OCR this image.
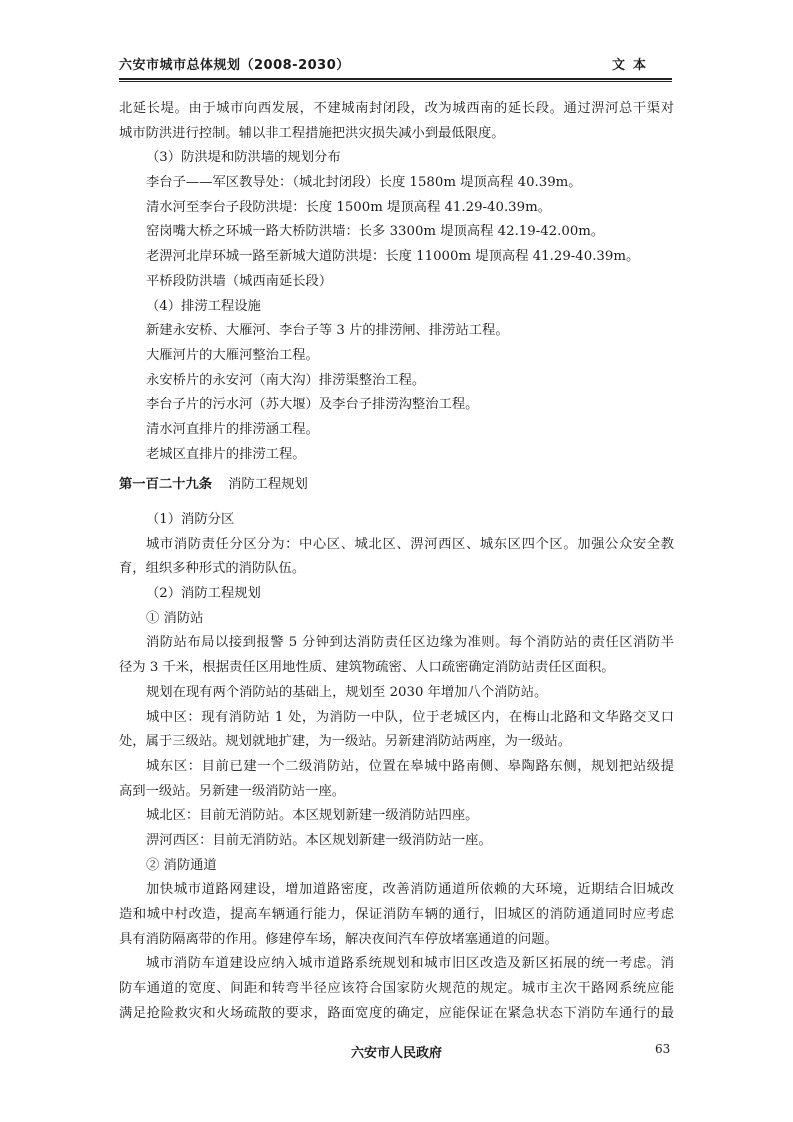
六安市城市总体规划（2008-2030）	文本
北延长堤。由于城市向西发展，不建城南封闭段，改为城西南的延长段。通过淠河总干渠对
城市防洪进行控制。辅以非工程措施把洪灾损失减小到最低限度。
（3）防洪堤和防洪墙的规划分布
李台子——军区教导处：（城北封闭段）长度 1580m 堤顶高程 40.39m。
清水河至李台子段防洪堤：长度 1500m 堤顶高程 41.29-40.39m。
窑岗嘴大桥之环城一路大桥防洪墙：长多 3300m 堤顶高程 42.19-42.00m。
老淠河北岸环城一路至新城大道防洪堤：长度 11000m 堤顶高程 41.29-40.39m。
平桥段防洪墙（城西南延长段）
（4）排涝工程设施
新建永安桥、大雁河、李台子等 3 片的排涝闸、排涝站工程。
大雁河片的大雁河整治工程。
永安桥片的永安河（南大沟）排涝渠整治工程。
李台子片的污水河（苏大堰）及李台子排涝沟整治工程。
清水河直排片的排涝涵工程。
老城区直排片的排涝工程。
第一百二十九条 消防工程规划
（1）消防分区
城市消防责任分区分为：中心区、城北区、淠河西区、城东区四个区。加强公众安全教
育，组织多种形式的消防队伍。
（2）消防工程规划
① 消防站
消防站布局以接到报警 5 分钟到达消防责任区边缘为准则。每个消防站的责任区消防半
径为 3 千米，根据责任区用地性质、建筑物疏密、人口疏密确定消防站责任区面积。
规划在现有两个消防站的基础上，规划至 2030 年增加八个消防站。
城中区：现有消防站 1 处，为消防一中队，位于老城区内，在梅山北路和文华路交叉口
处，属于三级站。规划就地扩建，为一级站。另新建消防站两座，为一级站。
城东区：目前已建一个二级消防站，位置在皋城中路南侧、皋陶路东侧，规划把站级提
高到一级站。另新建一级消防站一座。
城北区：目前无消防站。本区规划新建一级消防站四座。
淠河西区：目前无消防站。本区规划新建一级消防站一座。
② 消防通道
加快城市道路网建设，增加道路密度，改善消防通道所依赖的大环境，近期结合旧城改
造和城中村改造，提高车辆通行能力，保证消防车辆的通行，旧城区的消防通道同时应考虑
具有消防隔离带的作用。修建停车场，解决夜间汽车停放堵塞通道的问题。
城市消防车道建设应纳入城市道路系统规划和城市旧区改造及新区拓展的统一考虑。消
防车通道的宽度、间距和转弯半径应该符合国家防火规范的规定。城市主次干路网系统应能
满足抢险救灾和火场疏散的要求，路面宽度的确定，应能保证在紧急状态下消防车通行的最
六安市人民政府	63
